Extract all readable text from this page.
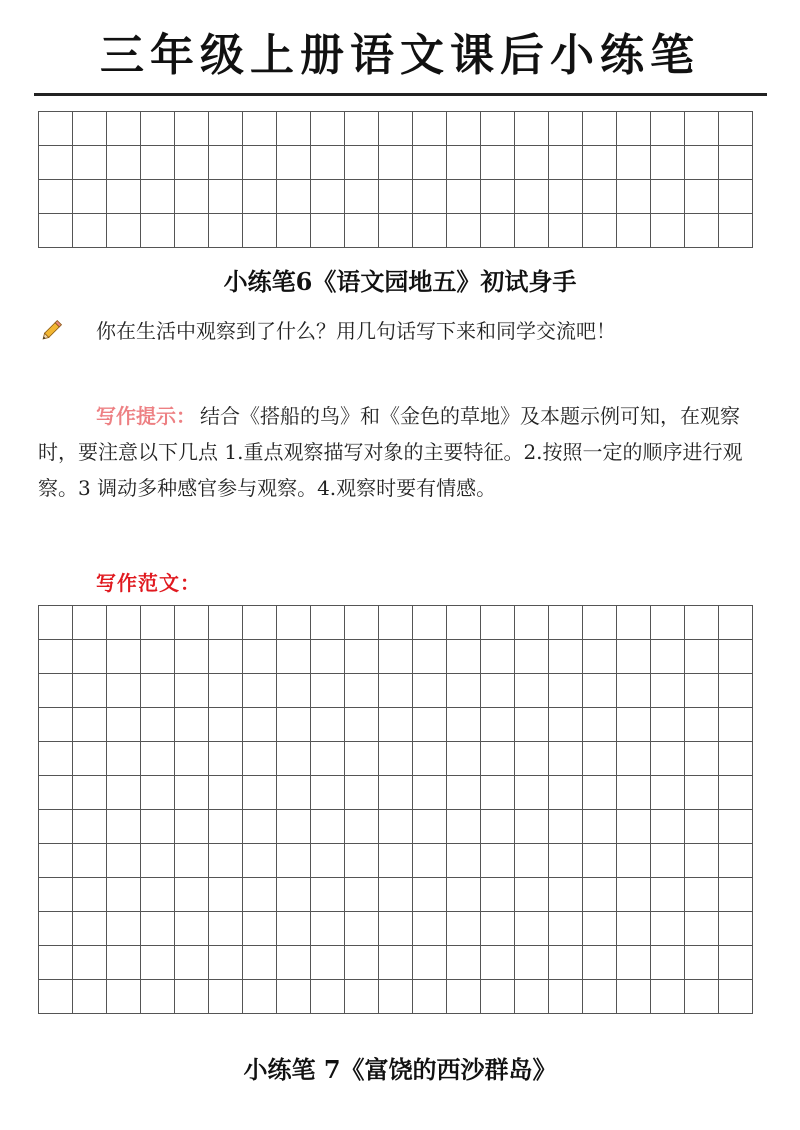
三年级上册语文课后小练笔
小练笔6《语文园地五》初试身手
你在生活中观察到了什么？用几句话写下来和同学交流吧！
写作提示： 结合《搭船的鸟》和《金色的草地》及本题示例可知，在观察时，要注意以下几点 1.重点观察描写对象的主要特征。2.按照一定的顺序进行观察。3 调动多种感官参与观察。4.观察时要有情感。
写作范文：
小练笔 7《富饶的西沙群岛》
